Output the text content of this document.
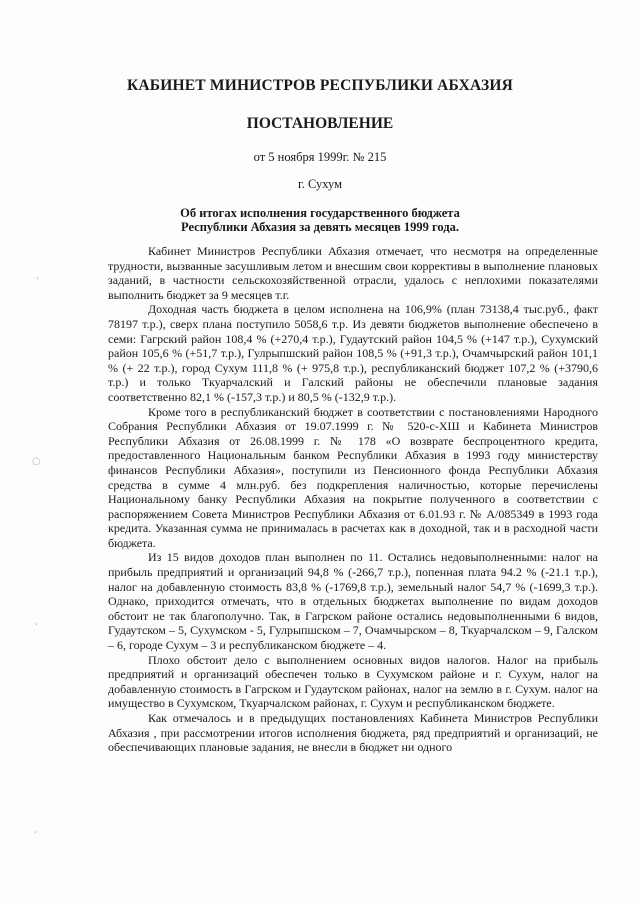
КАБИНЕТ МИНИСТРОВ РЕСПУБЛИКИ АБХАЗИЯ
ПОСТАНОВЛЕНИЕ
от 5 ноября 1999г. № 215
г. Сухум
Об итогах исполнения государственного бюджета
Республики Абхазия за девять месяцев 1999 года.

Кабинет Министров Республики Абхазия отмечает, что несмотря на определенные трудности, вызванные засушливым летом и внесшим свои коррективы в выполнение плановых заданий, в частности сельскохозяйственной отрасли, удалось с неплохими показателями выполнить бюджет за 9 месяцев т.г.

Доходная часть бюджета в целом исполнена на 106,9% (план 73138,4 тыс.руб., факт 78197 т.р.), сверх плана поступило 5058,6 т.р. Из девяти бюджетов выполнение обеспечено в семи: Гагрский район 108,4 % (+270,4 т.р.), Гудаутский район 104,5 % (+147 т.р.), Сухумский район 105,6 % (+51,7 т.р.), Гулрыпшский район 108,5 % (+91,3 т.р.), Очамчырский район 101,1 % (+ 22 т.р.), город Сухум 111,8 % (+ 975,8 т.р.), республиканский бюджет 107,2 % (+3790,6 т.р.) и только Ткуарчалский и Галский районы не обеспечили плановые задания соответственно 82,1 % (-157,3 т.р.) и 80,5 % (-132,9 т.р.).

Кроме того в республиканский бюджет в соответствии с постановлениями Народного Собрания Республики Абхазия от 19.07.1999 г. № 520-с-ХШ и Кабинета Министров Республики Абхазия от 26.08.1999 г. № 178 «О возврате беспроцентного кредита, предоставленного Национальным банком Республики Абхазия в 1993 году министерству финансов Республики Абхазия», поступили из Пенсионного фонда Республики Абхазия средства в сумме 4 млн.руб. без подкрепления наличностью, которые перечислены Национальному банку Республики Абхазия на покрытие полученного в соответствии с распоряжением Совета Министров Республики Абхазия от 6.01.93 г. № А/085349 в 1993 года кредита. Указанная сумма не принималась в расчетах как в доходной, так и в расходной части бюджета.

Из 15 видов доходов план выполнен по 11. Остались недовыполненными: налог на прибыль предприятий и организаций 94,8 % (-266,7 т.р.), попенная плата 94.2 % (-21.1 т.р.), налог на добавленную стоимость 83,8 % (-1769,8 т.р.), земельный налог 54,7 % (-1699,3 т.р.). Однако, приходится отмечать, что в отдельных бюджетах выполнение по видам доходов обстоит не так благополучно. Так, в Гагрском районе остались недовыполненными 6 видов, Гудаутском – 5, Сухумском - 5, Гулрыпшском – 7, Очамчырском – 8, Ткуарчалском – 9, Галском – 6, городе Сухум – 3 и республиканском бюджете – 4.

Плохо обстоит дело с выполнением основных видов налогов. Налог на прибыль предприятий и организаций обеспечен только в Сухумском районе и г. Сухум, налог на добавленную стоимость в Гагрском и Гудаутском районах, налог на землю в г. Сухум. налог на имущество в Сухумском, Ткуарчалском районах, г. Сухум и республиканском бюджете.

Как отмечалось и в предыдущих постановлениях Кабинета Министров Республики Абхазия , при рассмотрении итогов исполнения бюджета, ряд предприятий и организаций, не обеспечивающих плановые задания, не внесли в бюджет ни одного

‘
○
‘
‘
